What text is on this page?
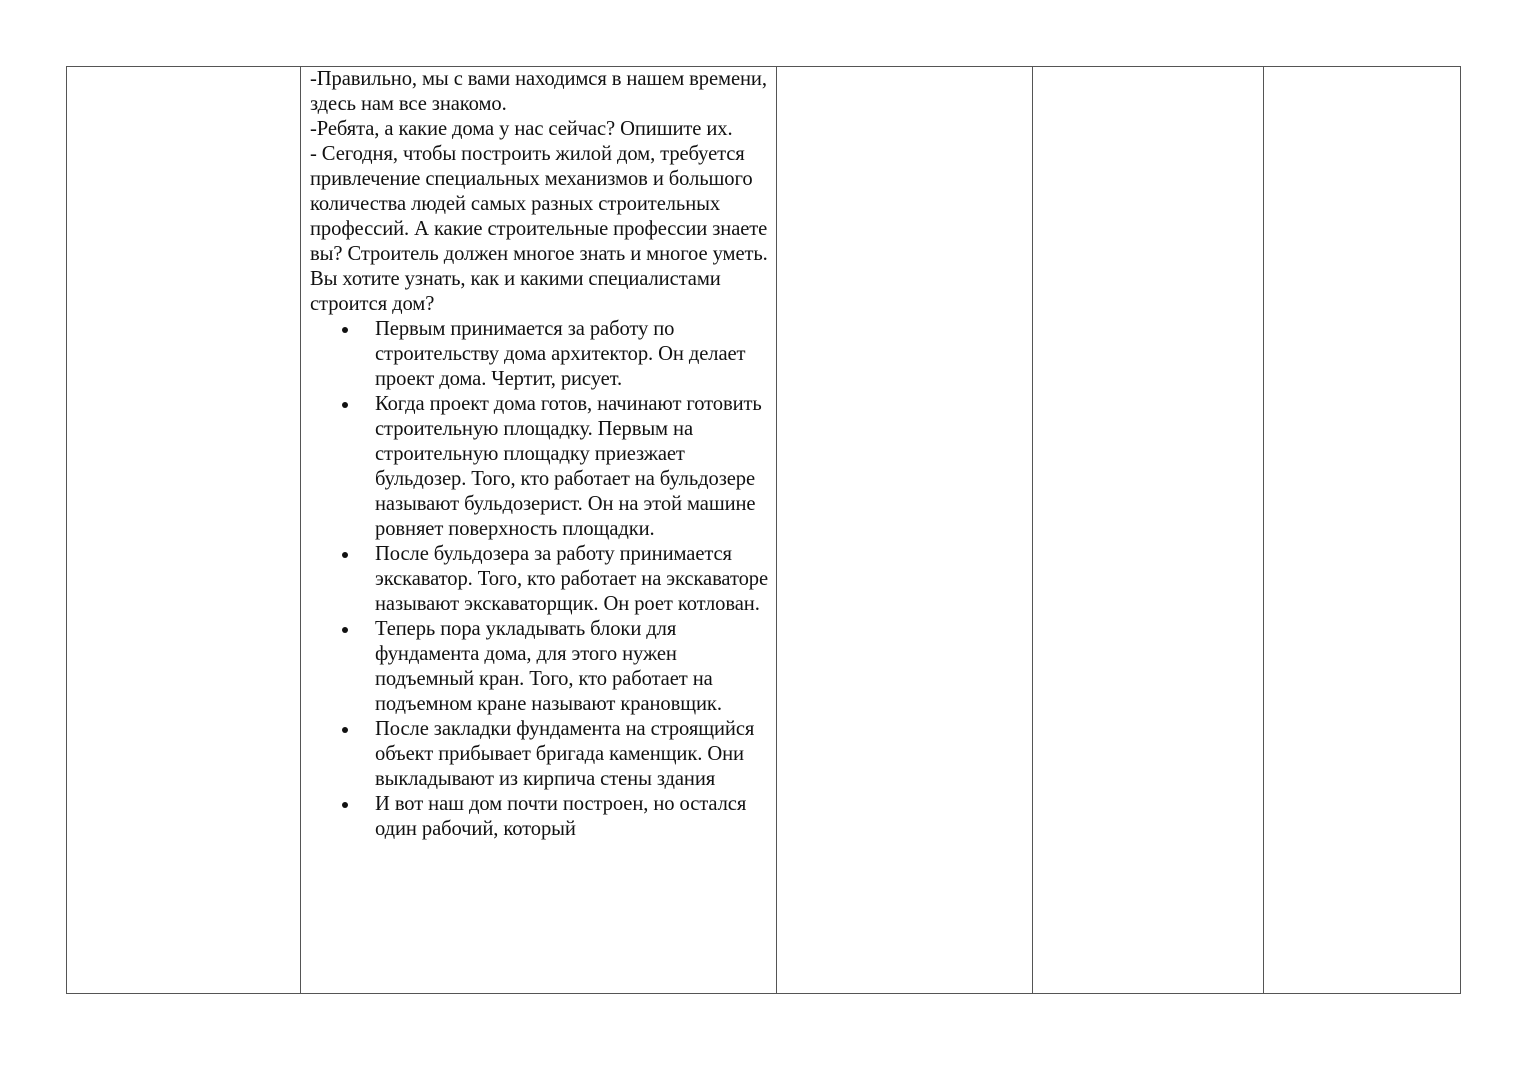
-Правильно, мы с вами находимся в нашем времени, здесь нам все знакомо.

-Ребята, а какие дома у нас сейчас? Опишите их.

- Сегодня, чтобы построить жилой дом, требуется привлечение специальных механизмов и большого количества людей самых разных строительных профессий. А какие строительные профессии знаете вы? Строитель должен многое знать и многое уметь.

Вы хотите узнать, как и какими специалистами строится дом?

Первым принимается за работу по строительству дома архитектор. Он делает проект дома. Чертит, рисует.
Когда проект дома готов, начинают готовить строительную площадку. Первым на строительную площадку приезжает бульдозер. Того, кто работает на бульдозере называют бульдозерист. Он на этой машине ровняет поверхность площадки.
После бульдозера за работу принимается экскаватор. Того, кто работает на экскаваторе называют экскаваторщик. Он роет котлован.
Теперь пора укладывать блоки для фундамента дома, для этого нужен подъемный кран. Того, кто работает на подъемном кране называют крановщик.
После закладки фундамента на строящийся объект прибывает бригада каменщик. Они выкладывают из кирпича стены здания
И вот наш дом почти построен, но остался один рабочий, который
